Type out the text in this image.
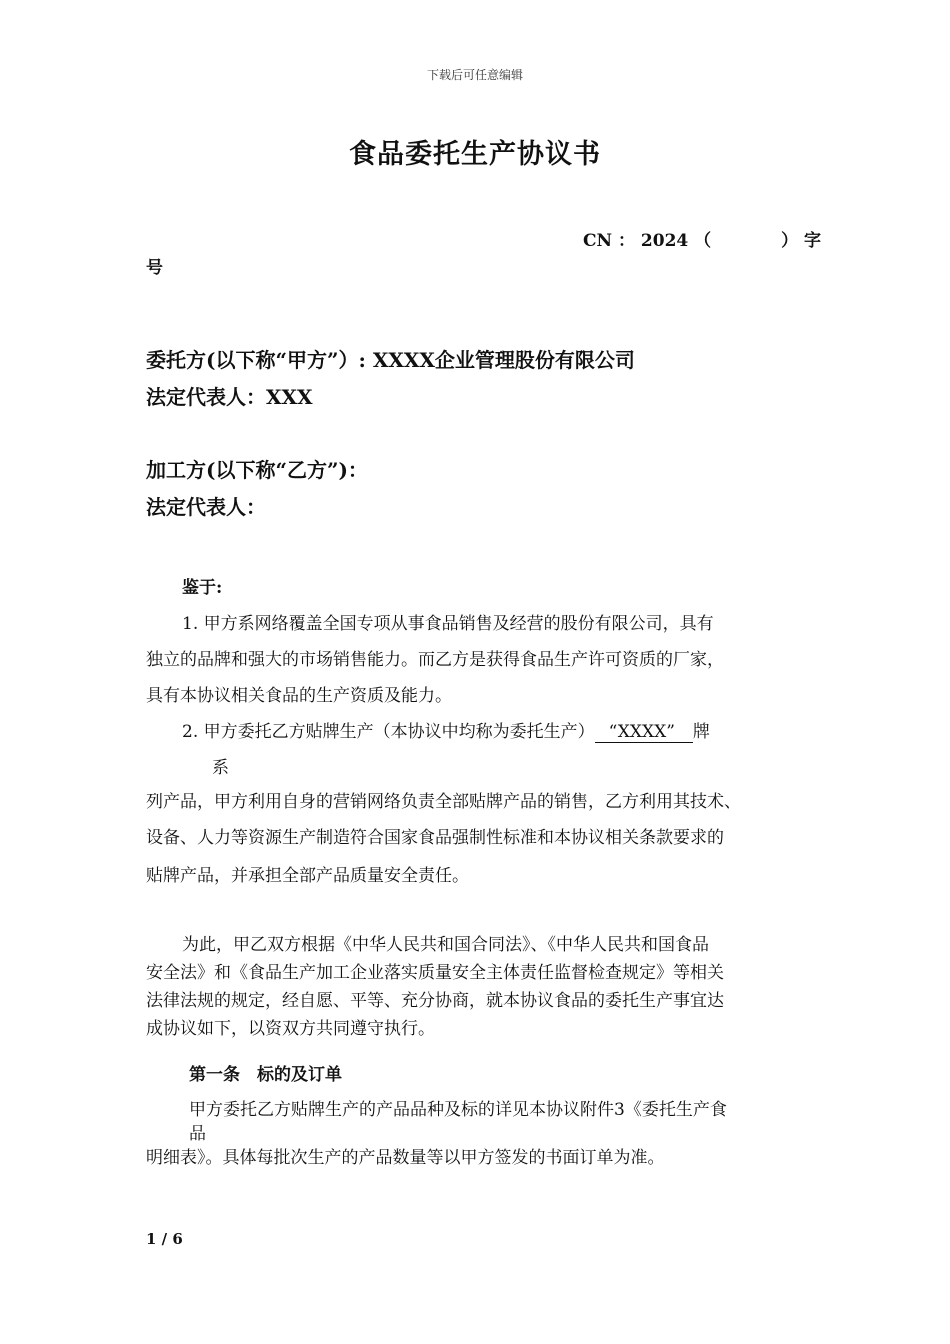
下载后可任意编辑
食品委托生产协议书
CN ： 2024 （	） 字
号
委托方(以下称“甲方”）: XXXX企业管理股份有限公司
法定代表人：XXX
加工方(以下称“乙方”)：
法定代表人：
鉴于:
1. 甲方系网络覆盖全国专项从事食品销售及经营的股份有限公司，具有
独立的品牌和强大的市场销售能力。而乙方是获得食品生产许可资质的厂家，
具有本协议相关食品的生产资质及能力。
2. 甲方委托乙方贴牌生产（本协议中均称为委托生产） “XXXX” 牌
系
列产品，甲方利用自身的营销网络负责全部贴牌产品的销售，乙方利用其技术、
设备、人力等资源生产制造符合国家食品强制性标准和本协议相关条款要求的
贴牌产品，并承担全部产品质量安全责任。
为此，甲乙双方根据《中华人民共和国合同法》、《中华人民共和国食品
安全法》和《食品生产加工企业落实质量安全主体责任监督检查规定》等相关
法律法规的规定，经自愿、平等、充分协商，就本协议食品的委托生产事宜达
成协议如下，以资双方共同遵守执行。
第一条　标的及订单
甲方委托乙方贴牌生产的产品品种及标的详见本协议附件3《委托生产食
品
明细表》。具体每批次生产的产品数量等以甲方签发的书面订单为准。
1 / 6
